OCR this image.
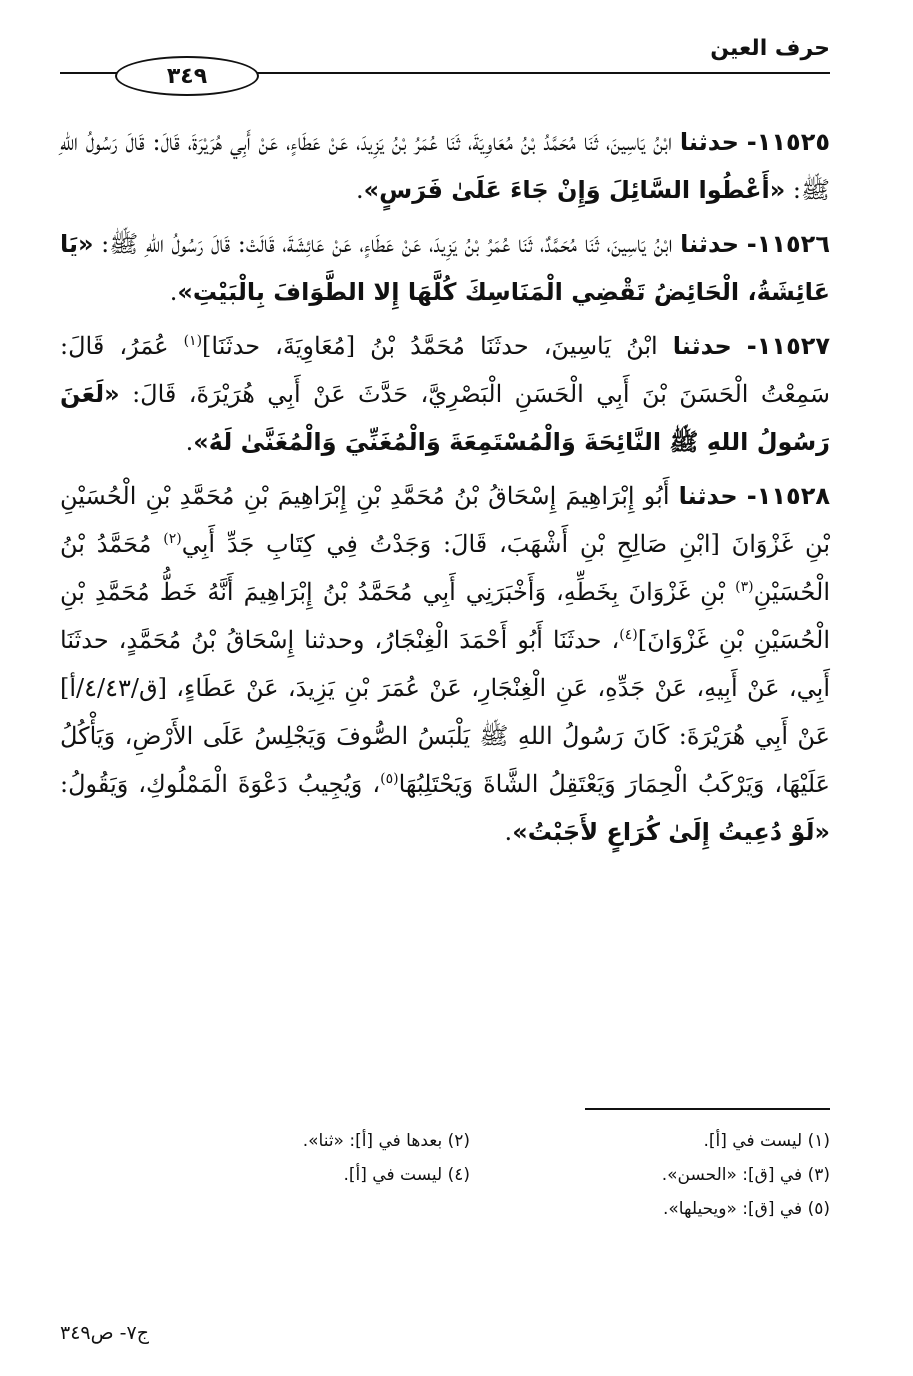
حرف العين
٣٤٩

١١٥٢٥- حدثنا ابْنُ يَاسِينَ، ثَنَا مُحَمَّدُ بْنُ مُعَاوِيَةَ، ثَنَا عُمَرُ بْنُ يَزِيدَ، عَنْ عَطَاءٍ، عَنْ أَبِي هُرَيْرَةَ، قَالَ: قَالَ رَسُولُ اللهِ ﷺ: «أَعْطُوا السَّائِلَ وَإِنْ جَاءَ عَلَىٰ فَرَسٍ».

١١٥٢٦- حدثنا ابْنُ يَاسِينَ، ثَنَا مُحَمَّدٌ، ثَنَا عُمَرُ بْنُ يَزِيدَ، عَنْ عَطَاءٍ، عَنْ عَائِشَةَ، قَالَتْ: قَالَ رَسُولُ اللهِ ﷺ: «يَا عَائِشَةُ، الْحَائِضُ تَقْضِي الْمَنَاسِكَ كُلَّهَا إِلا الطَّوَافَ بِالْبَيْتِ».

١١٥٢٧- حدثنا ابْنُ يَاسِينَ، حدثَنَا مُحَمَّدُ بْنُ [مُعَاوِيَةَ، حدثَنَا]$^{(١)}$ عُمَرُ، قَالَ: سَمِعْتُ الْحَسَنَ بْنَ أَبِي الْحَسَنِ الْبَصْرِيَّ، حَدَّثَ عَنْ أَبِي هُرَيْرَةَ، قَالَ: «لَعَنَ رَسُولُ اللهِ ﷺ النَّائِحَةَ وَالْمُسْتَمِعَةَ وَالْمُغَنِّيَ وَالْمُغَنَّىٰ لَهُ».

١١٥٢٨- حدثنا أَبُو إِبْرَاهِيمَ إِسْحَاقُ بْنُ مُحَمَّدِ بْنِ إِبْرَاهِيمَ بْنِ مُحَمَّدِ بْنِ الْحُسَيْنِ بْنِ غَزْوَانَ [ابْنِ صَالِحِ بْنِ أَشْهَبَ، قَالَ: وَجَدْتُ فِي كِتَابِ جَدِّ أَبِي$^{(٢)}$ مُحَمَّدُ بْنُ الْحُسَيْنِ$^{(٣)}$ بْنِ غَزْوَانَ بِخَطِّهِ، وَأَخْبَرَنِي أَبِي مُحَمَّدُ بْنُ إِبْرَاهِيمَ أَنَّهُ خَطُّ مُحَمَّدِ بْنِ الْحُسَيْنِ بْنِ غَزْوَانَ]$^{(٤)}$، حدثَنَا أَبُو أَحْمَدَ الْغِنْجَارُ، وحدثنا إِسْحَاقُ بْنُ مُحَمَّدٍ، حدثَنَا أَبِي، عَنْ أَبِيهِ، عَنْ جَدِّهِ، عَنِ الْغِنْجَارِ، عَنْ عُمَرَ بْنِ يَزِيدَ، عَنْ عَطَاءٍ، [ق/٤/٤٣/أ] عَنْ أَبِي هُرَيْرَةَ: كَانَ رَسُولُ اللهِ ﷺ يَلْبَسُ الصُّوفَ وَيَجْلِسُ عَلَى الأَرْضِ، وَيَأْكُلُ عَلَيْهَا، وَيَرْكَبُ الْحِمَارَ وَيَعْتَقِلُ الشَّاةَ وَيَحْتَلِبُهَا$^{(٥)}$، وَيُجِيبُ دَعْوَةَ الْمَمْلُوكِ، وَيَقُولُ: «لَوْ دُعِيتُ إِلَىٰ كُرَاعٍ لأَجَبْتُ».

(١) ليست في [أ].
(٢) بعدها في [أ]: «ثنا».
(٣) في [ق]: «الحسن».
(٤) ليست في [أ].
(٥) في [ق]: «ويحيلها».
ج٧- ص٣٤٩
